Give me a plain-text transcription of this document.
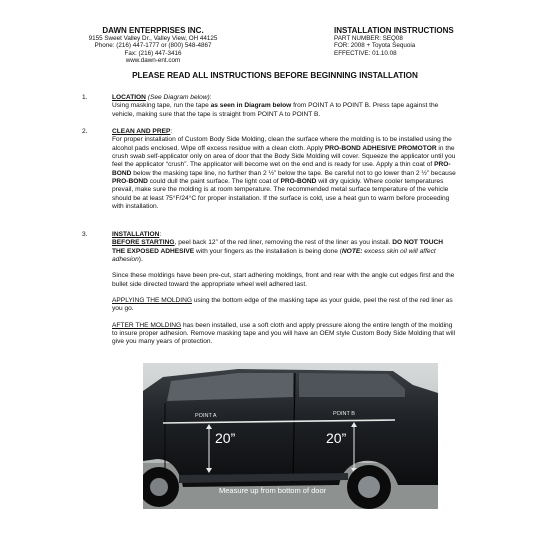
DAWN ENTERPRISES INC.
9155 Sweet Valley Dr., Valley View, OH 44125
Phone: (216) 447-1777 or (800) 548-4867
Fax: (216) 447-3416
www.dawn-ent.com
INSTALLATION INSTRUCTIONS
PART NUMBER: SEQ08
FOR: 2008 + Toyota Sequoia
EFFECTIVE: 01.10.08
PLEASE READ ALL INSTRUCTIONS BEFORE BEGINNING INSTALLATION
1.	LOCATION (See Diagram below):

Using masking tape, run the tape as seen in Diagram below from POINT A to POINT B. Press tape against the vehicle, making sure that the tape is straight from POINT A to POINT B.

2.	CLEAN AND PREP:

For proper installation of Custom Body Side Molding, clean the surface where the molding is to be installed using the alcohol pads enclosed. Wipe off excess residue with a clean cloth. Apply PRO-BOND ADHESIVE PROMOTOR in the crush swab self-applicator only on area of door that the Body Side Molding will cover. Squeeze the applicator until you feel the applicator “crush”. The applicator will become wet on the end and is ready for use. Apply a thin coat of PRO-BOND below the masking tape line, no further than 2 ½” below the tape. Be careful not to go lower than 2 ½” because PRO-BOND could dull the paint surface. The light coat of PRO-BOND will dry quickly. Where cooler temperatures prevail, make sure the molding is at room temperature. The recommended metal surface temperature of the vehicle should be at least 75°F/24°C for proper installation. If the surface is cold, use a heat gun to warm before proceeding with installation.

3.	INSTALLATION:

BEFORE STARTING, peel back 12” of the red liner, removing the rest of the liner as you install. DO NOT TOUCH THE EXPOSED ADHESIVE with your fingers as the installation is being done (NOTE: excess skin oil will affect adhesion).

Since these moldings have been pre-cut, start adhering moldings, front and rear with the angle cut edges first and the bullet side directed toward the appropriate wheel well adhered last.

APPLYING THE MOLDING using the bottom edge of the masking tape as your guide, peel the rest of the red liner as you go.

AFTER THE MOLDING has been installed, use a soft cloth and apply pressure along the entire length of the molding to insure proper adhesion. Remove masking tape and you will have an OEM style Custom Body Side Molding that will give you many years of protection.

POINT A	POINT B
20”	20”
Measure up from bottom of door
